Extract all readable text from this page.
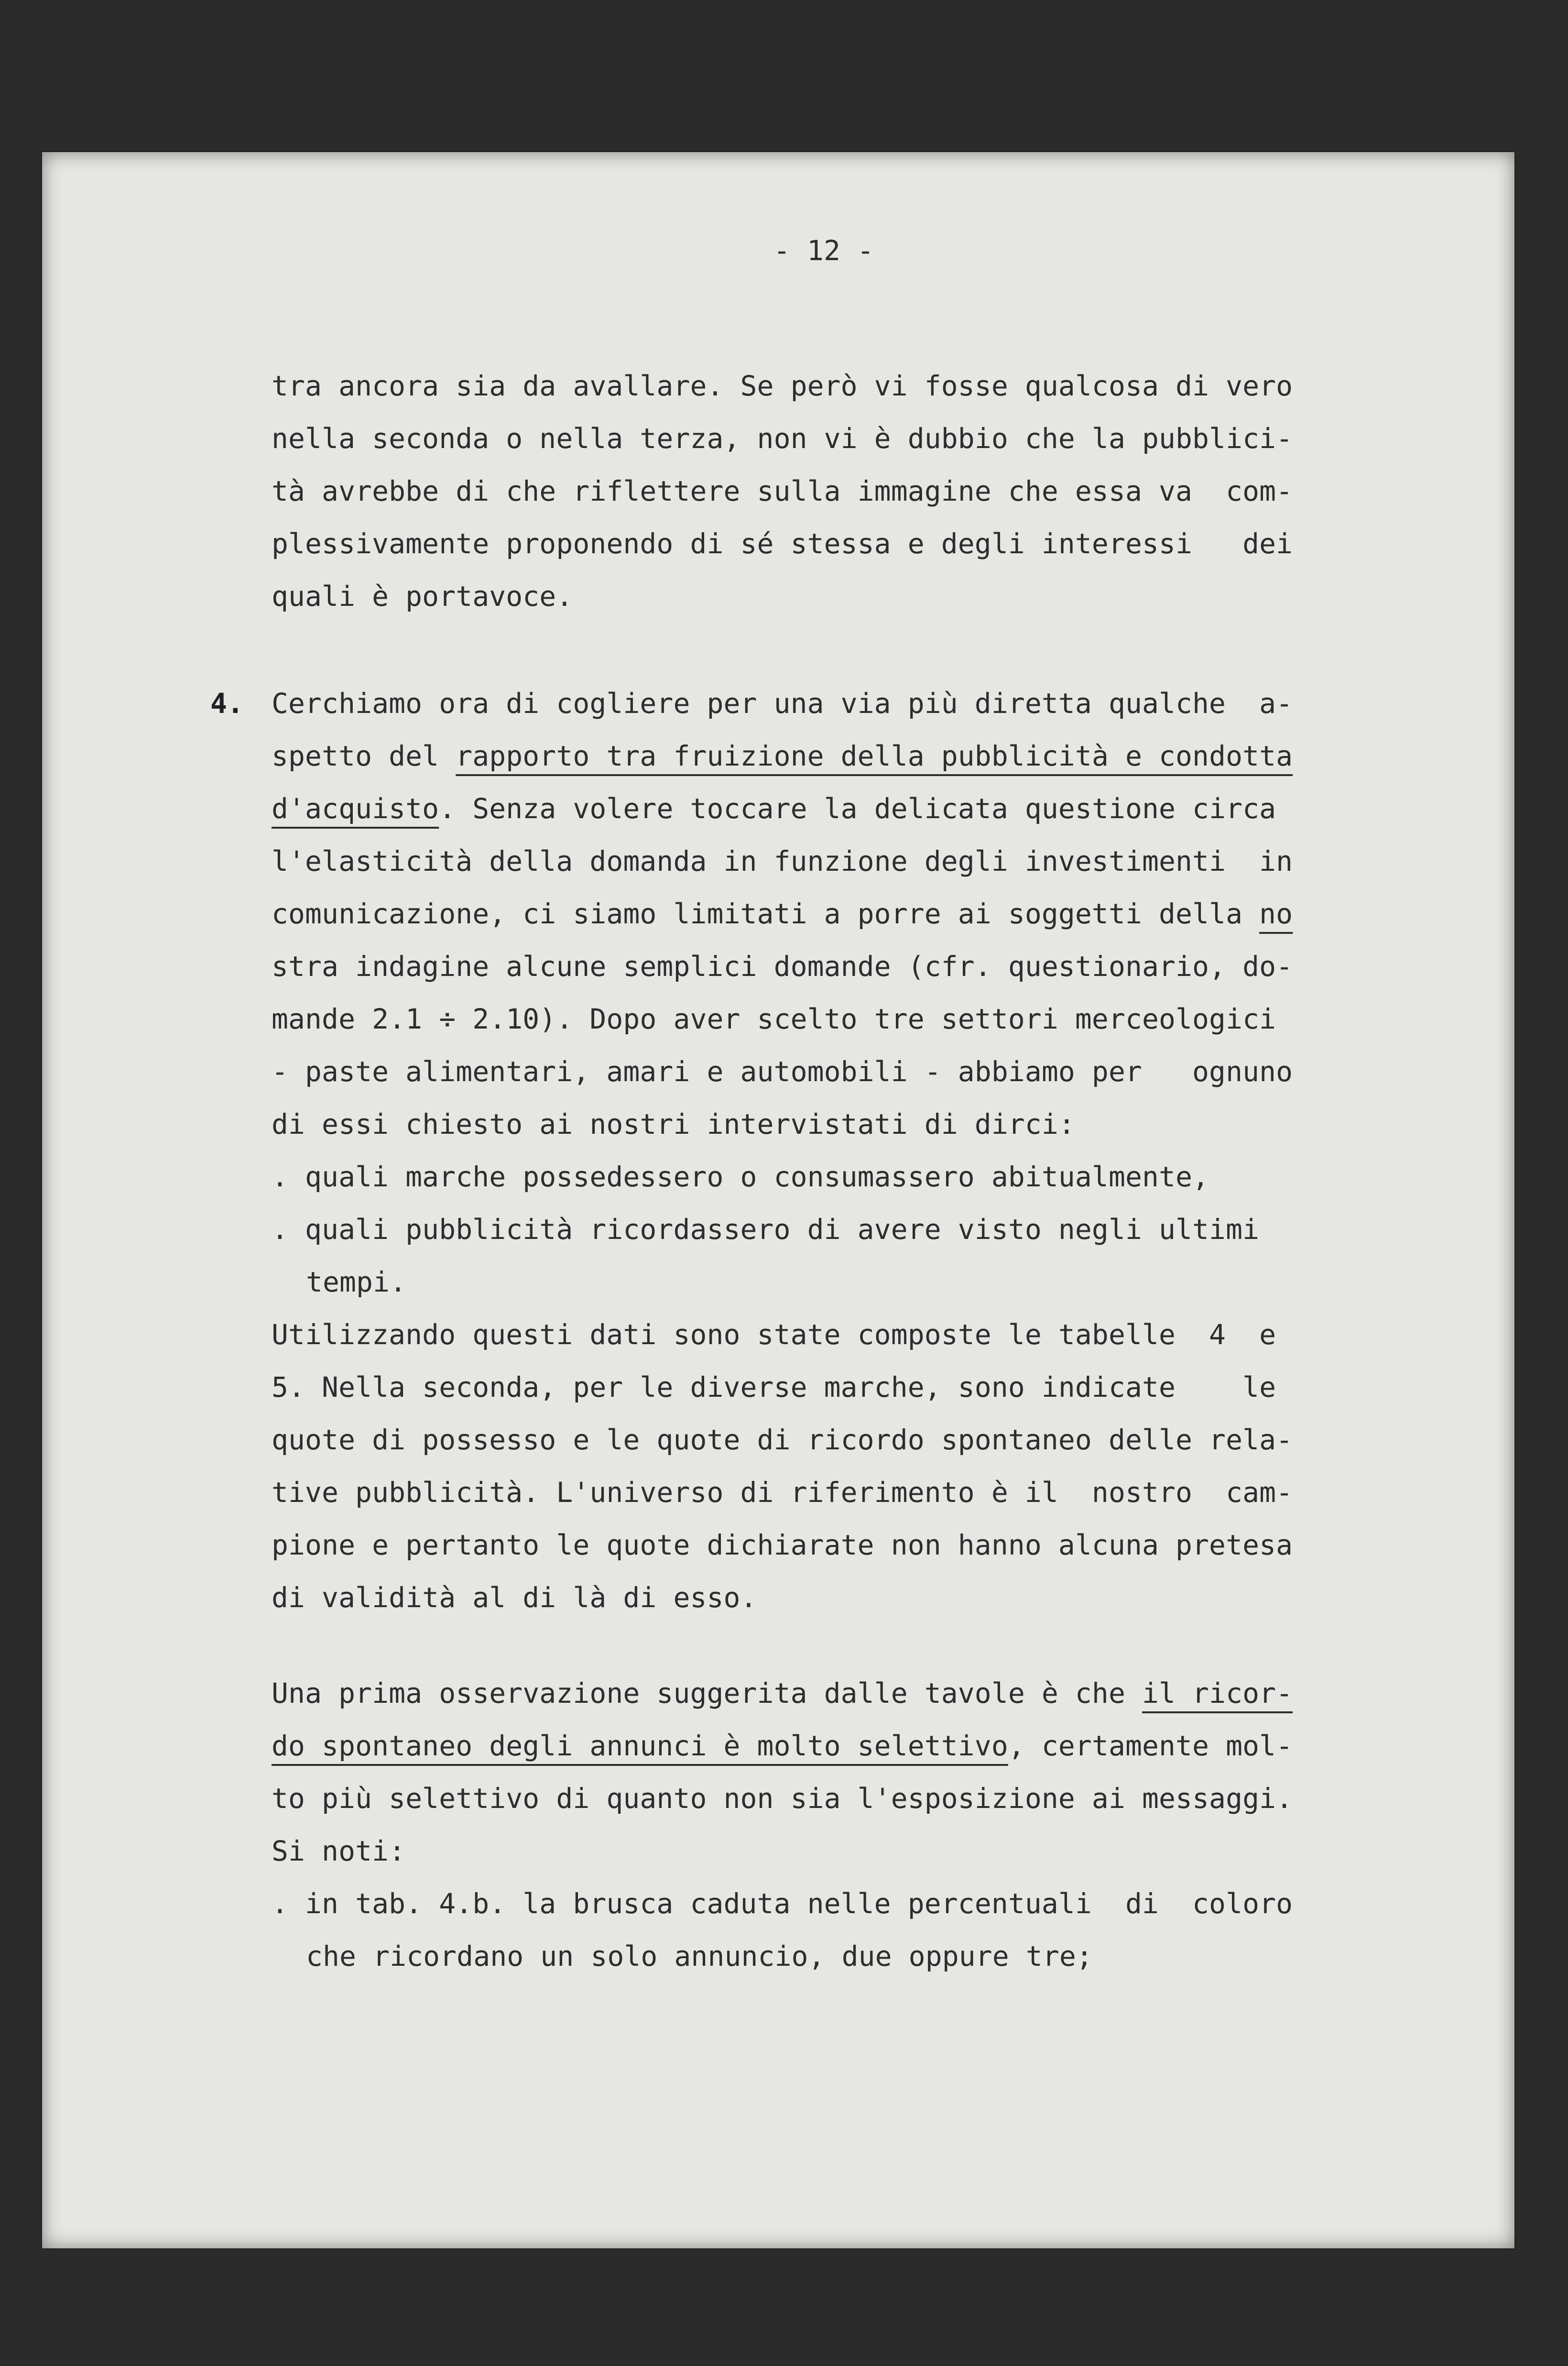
- 12 -
tra ancora sia da avallare. Se però vi fosse qualcosa di vero
nella seconda o nella terza, non vi è dubbio che la pubblici-
tà avrebbe di che riflettere sulla immagine che essa va  com-
plessivamente proponendo di sé stessa e degli interessi   dei
quali è portavoce.
4. Cerchiamo ora di cogliere per una via più diretta qualche  a-
spetto del rapporto tra fruizione della pubblicità e condotta
d'acquisto. Senza volere toccare la delicata questione circa
l'elasticità della domanda in funzione degli investimenti  in
comunicazione, ci siamo limitati a porre ai soggetti della no
stra indagine alcune semplici domande (cfr. questionario, do-
mande 2.1 ÷ 2.10). Dopo aver scelto tre settori merceologici
- paste alimentari, amari e automobili - abbiamo per   ognuno
di essi chiesto ai nostri intervistati di dirci:
. quali marche possedessero o consumassero abitualmente,
. quali pubblicità ricordassero di avere visto negli ultimi
tempi.
Utilizzando questi dati sono state composte le tabelle  4  e
5. Nella seconda, per le diverse marche, sono indicate    le
quote di possesso e le quote di ricordo spontaneo delle rela-
tive pubblicità. L'universo di riferimento è il  nostro  cam-
pione e pertanto le quote dichiarate non hanno alcuna pretesa
di validità al di là di esso.
Una prima osservazione suggerita dalle tavole è che il ricor-
do spontaneo degli annunci è molto selettivo, certamente mol-
to più selettivo di quanto non sia l'esposizione ai messaggi.
Si noti:
. in tab. 4.b. la brusca caduta nelle percentuali  di  coloro
che ricordano un solo annuncio, due oppure tre;
